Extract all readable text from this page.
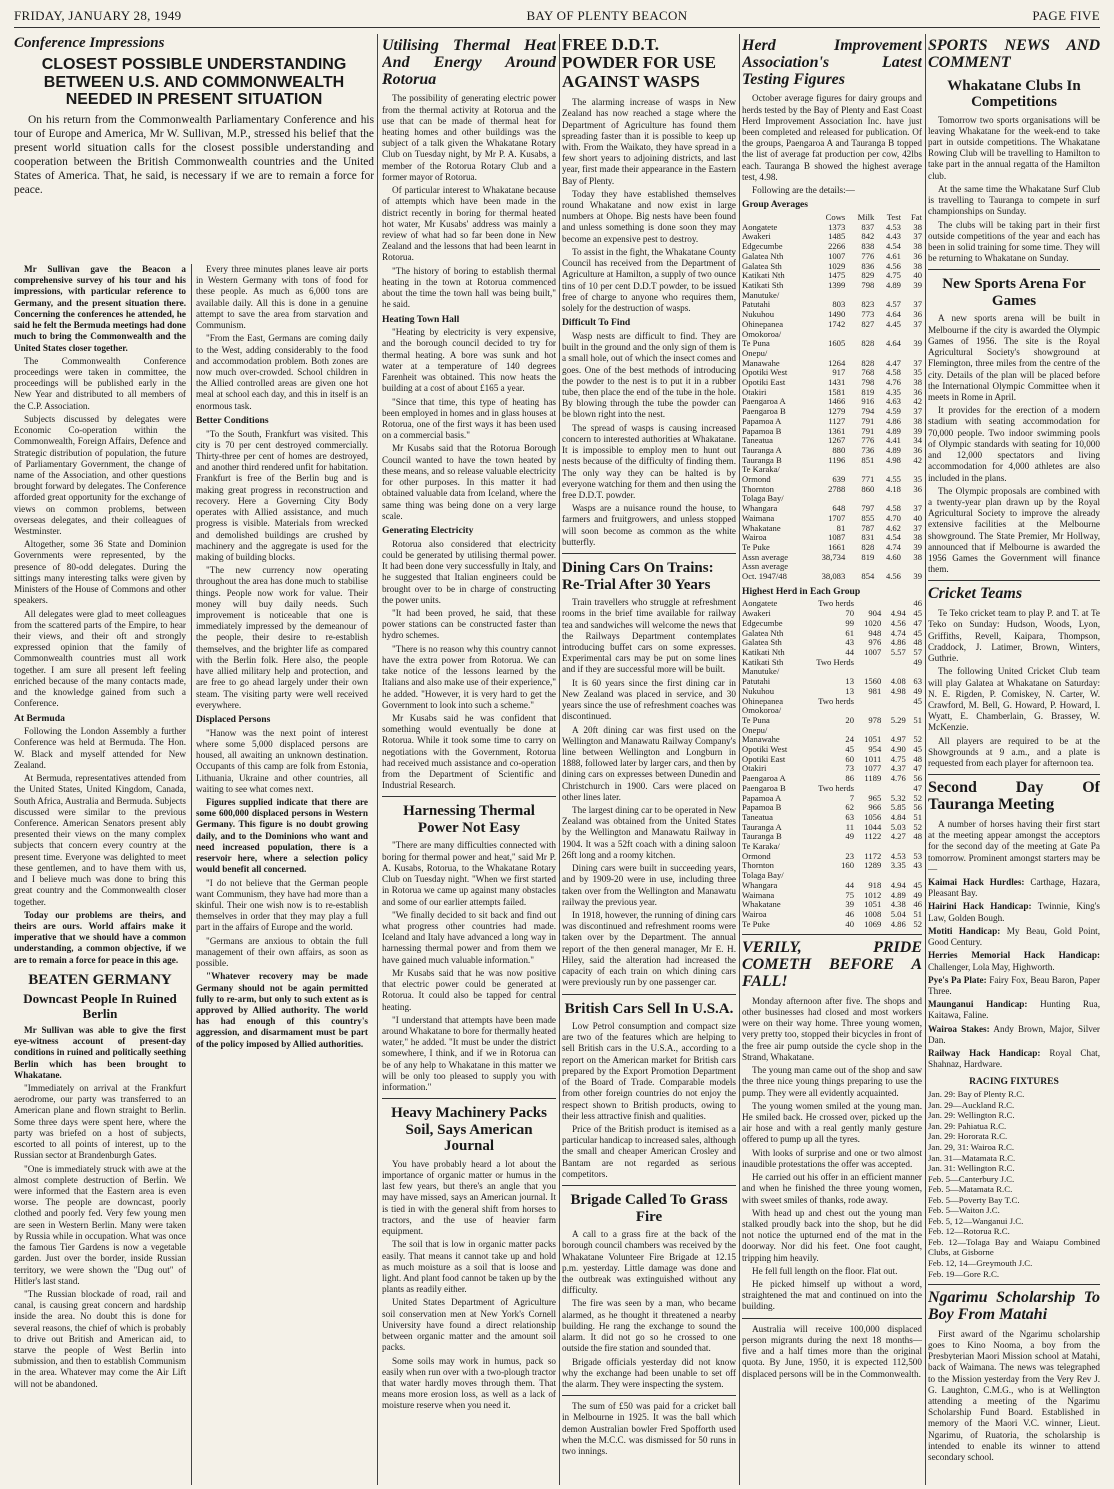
FRIDAY, JANUARY 28, 1949	BAY OF PLENTY BEACON	PAGE FIVE
Conference Impressions
CLOSEST POSSIBLE UNDERSTANDING BETWEEN U.S. AND COMMONWEALTH NEEDED IN PRESENT SITUATION
On his return from the Commonwealth Parliamentary Conference and his tour of Europe and America, Mr W. Sullivan, M.P., stressed his belief that the present world situation calls for the closest possible understanding and cooperation between the British Commonwealth countries and the United States of America. That, he said, is necessary if we are to remain a force for peace.
Mr Sullivan gave the Beacon a comprehensive survey of his tour and his impressions, with particular reference to Germany, and the present situation there. Concerning the conferences he attended, he said he felt the Bermuda meetings had done much to bring the Commonwealth and the United States closer together.
The Commonwealth Conference proceedings were taken in committee, the proceedings will be published early in the New Year and distributed to all members of the C.P. Association.
Subjects discussed by delegates were Economic Co-operation within the Commonwealth, Foreign Affairs, Defence and Strategic distribution of population, the future of Parliamentary Government, the change of name of the Association, and other questions brought forward by delegates. The Conference afforded great opportunity for the exchange of views on common problems, between overseas delegates, and their colleagues of Westminster.
Altogether, some 36 State and Dominion Governments were represented, by the presence of 80-odd delegates. During the sittings many interesting talks were given by Ministers of the House of Commons and other speakers.
All delegates were glad to meet colleagues from the scattered parts of the Empire, to hear their views, and their oft and strongly expressed opinion that the family of Commonwealth countries must all work together. I am sure all present left feeling enriched because of the many contacts made, and the knowledge gained from such a Conference.
At Bermuda
Following the London Assembly a further Conference was held at Bermuda. The Hon. W. Black and myself attended for New Zealand.
At Bermuda, representatives attended from the United States, United Kingdom, Canada, South Africa, Australia and Bermuda. Subjects discussed were similar to the previous Conference. American Senators present ably presented their views on the many complex subjects that concern every country at the present time. Everyone was delighted to meet these gentlemen, and to have them with us, and I believe much was done to bring this great country and the Commonwealth closer together.
Today our problems are theirs, and theirs are ours. World affairs make it imperative that we should have a common understanding, a common objective, if we are to remain a force for peace in this age.
BEATEN GERMANY
Downcast People In Ruined Berlin
Mr Sullivan was able to give the first eye-witness account of present-day conditions in ruined and politically seething Berlin which has been brought to Whakatane.
"Immediately on arrival at the Frankfurt aerodrome, our party was transferred to an American plane and flown straight to Berlin. Some three days were spent here, where the party was briefed on a host of subjects, escorted to all points of interest, up to the Russian sector at Brandenburgh Gates.
"One is immediately struck with awe at the almost complete destruction of Berlin. We were informed that the Eastern area is even worse. The people are downcast, poorly clothed and poorly fed. Very few young men are seen in Western Berlin. Many were taken by Russia while in occupation. What was once the famous Tier Gardens is now a vegetable garden. Just over the border, inside Russian territory, we were shown the "Dug out" of Hitler's last stand.
"The Russian blockade of road, rail and canal, is causing great concern and hardship inside the area. No doubt this is done for several reasons, the chief of which is probably to drive out British and American aid, to starve the people of West Berlin into submission, and then to establish Communism in the area. Whatever may come the Air Lift will not be abandoned.
Every three minutes planes leave air ports in Western Germany with tons of food for these people. As much as 6,000 tons are available daily. All this is done in a genuine attempt to save the area from starvation and Communism.
"From the East, Germans are coming daily to the West, adding considerably to the food and accommodation problem. Both zones are now much over-crowded. School children in the Allied controlled areas are given one hot meal at school each day, and this in itself is an enormous task.
Better Conditions
"To the South, Frankfurt was visited. This city is 70 per cent destroyed commercially. Thirty-three per cent of homes are destroyed, and another third rendered unfit for habitation. Frankfurt is free of the Berlin bug and is making great progress in reconstruction and recovery. Here a Governing City Body operates with Allied assistance, and much progress is visible. Materials from wrecked and demolished buildings are crushed by machinery and the aggregate is used for the making of building blocks.
"The new currency now operating throughout the area has done much to stabilise things. People now work for value. Their money will buy daily needs. Such improvement is noticeable that one is immediately impressed by the demeanour of the people, their desire to re-establish themselves, and the brighter life as compared with the Berlin folk. Here also, the people have allied military help and protection, and are free to go ahead largely under their own steam. The visiting party were well received everywhere.
Displaced Persons
"Hanow was the next point of interest where some 5,000 displaced persons are housed, all awaiting an unknown destination. Occupants of this camp are folk from Estonia, Lithuania, Ukraine and other countries, all waiting to see what comes next.
Figures supplied indicate that there are some 600,000 displaced persons in Western Germany. This figure is no doubt growing daily, and to the Dominions who want and need increased population, there is a reservoir here, where a selection policy would benefit all concerned.
"I do not believe that the German people want Communism, they have had more than a skinful. Their one wish now is to re-establish themselves in order that they may play a full part in the affairs of Europe and the world.
"Germans are anxious to obtain the full management of their own affairs, as soon as possible.
"Whatever recovery may be made Germany should not be again permitted fully to re-arm, but only to such extent as is approved by Allied authority. The world has had enough of this country's aggression, and disarmament must be part of the policy imposed by Allied authorities.
Utilising Thermal Heat And Energy Around Rotorua
The possibility of generating electric power from the thermal activity at Rotorua and the use that can be made of thermal heat for heating homes and other buildings was the subject of a talk given the Whakatane Rotary Club on Tuesday night, by Mr P. A. Kusabs, a member of the Rotorua Rotary Club and a former mayor of Rotorua.
Of particular interest to Whakatane because of attempts which have been made in the district recently in boring for thermal heated hot water, Mr Kusabs' address was mainly a review of what had so far been done in New Zealand and the lessons that had been learnt in Rotorua.
"The history of boring to establish thermal heating in the town at Rotorua commenced about the time the town hall was being built," he said.
Heating Town Hall
"Heating by electricity is very expensive, and the borough council decided to try for thermal heating. A bore was sunk and hot water at a temperature of 140 degrees Farenheit was obtained. This now heats the building at a cost of about £165 a year.
"Since that time, this type of heating has been employed in homes and in glass houses at Rotorua, one of the first ways it has been used on a commercial basis."
Mr Kusabs said that the Rotorua Borough Council wanted to have the town heated by these means, and so release valuable electricity for other purposes. In this matter it had obtained valuable data from Iceland, where the same thing was being done on a very large scale.
Generating Electricity
Rotorua also considered that electricity could be generated by utilising thermal power. It had been done very successfully in Italy, and he suggested that Italian engineers could be brought over to be in charge of constructing the power units.
"It had been proved, he said, that these power stations can be constructed faster than hydro schemes.
"There is no reason why this country cannot have the extra power from Rotorua. We can take notice of the lessons learned by the Italians and also make use of their experience," he added. "However, it is very hard to get the Government to look into such a scheme."
Mr Kusabs said he was confident that something would eventually be done at Rotorua. While it took some time to carry on negotiations with the Government, Rotorua had received much assistance and co-operation from the Department of Scientific and Industrial Research.
Harnessing Thermal Power Not Easy
"There are many difficulties connected with boring for thermal power and heat," said Mr P. A. Kusabs, Rotorua, to the Whakatane Rotary Club on Tuesday night. "When we first started in Rotorua we came up against many obstacles and some of our earlier attempts failed.
"We finally decided to sit back and find out what progress other countries had made. Iceland and Italy have advanced a long way in harnessing thermal power and from them we have gained much valuable information."
Mr Kusabs said that he was now positive that electric power could be generated at Rotorua. It could also be tapped for central heating.
"I understand that attempts have been made around Whakatane to bore for thermally heated water," he added. "It must be under the district somewhere, I think, and if we in Rotorua can be of any help to Whakatane in this matter we will be only too pleased to supply you with information."
Heavy Machinery Packs Soil, Says American Journal
You have probably heard a lot about the importance of organic matter or humus in the last few years, but there's an angle that you may have missed, says an American journal. It is tied in with the general shift from horses to tractors, and the use of heavier farm equipment.
The soil that is low in organic matter packs easily. That means it cannot take up and hold as much moisture as a soil that is loose and light. And plant food cannot be taken up by the plants as readily either.
United States Department of Agriculture soil conservation men at New York's Cornell University have found a direct relationship between organic matter and the amount soil packs.
Some soils may work in humus, pack so easily when run over with a two-plough tractor that water hardly moves through them. That means more erosion loss, as well as a lack of moisture reserve when you need it.
FREE D.D.T. POWDER FOR USE AGAINST WASPS
The alarming increase of wasps in New Zealand has now reached a stage where the Department of Agriculture has found them spreading faster than it is possible to keep up with. From the Waikato, they have spread in a few short years to adjoining districts, and last year, first made their appearance in the Eastern Bay of Plenty.
Today they have established themselves round Whakatane and now exist in large numbers at Ohope. Big nests have been found and unless something is done soon they may become an expensive pest to destroy.
To assist in the fight, the Whakatane County Council has received from the Department of Agriculture at Hamilton, a supply of two ounce tins of 10 per cent D.D.T powder, to be issued free of charge to anyone who requires them, solely for the destruction of wasps.
Difficult To Find
Wasp nests are difficult to find. They are built in the ground and the only sign of them is a small hole, out of which the insect comes and goes. One of the best methods of introducing the powder to the nest is to put it in a rubber tube, then place the end of the tube in the hole. By blowing through the tube the powder can be blown right into the nest.
The spread of wasps is causing increased concern to interested authorities at Whakatane. It is impossible to employ men to hunt out nests because of the difficulty of finding them. The only way they can be halted is by everyone watching for them and then using the free D.D.T. powder.
Wasps are a nuisance round the house, to farmers and fruitgrowers, and unless stopped will soon become as common as the white butterfly.
Dining Cars On Trains: Re-Trial After 30 Years
Train travellers who struggle at refreshment rooms in the brief time available for railway tea and sandwiches will welcome the news that the Railways Department contemplates introducing buffet cars on some expresses. Experimental cars may be put on some lines and if they are successful more will be built.
It is 60 years since the first dining car in New Zealand was placed in service, and 30 years since the use of refreshment coaches was discontinued.
A 20ft dining car was first used on the Wellington and Manawatu Railway Company's line between Wellington and Longburn in 1888, followed later by larger cars, and then by dining cars on expresses between Dunedin and Christchurch in 1900. Cars were placed on other lines later.
The largest dining car to be operated in New Zealand was obtained from the United States by the Wellington and Manawatu Railway in 1904. It was a 52ft coach with a dining saloon 26ft long and a roomy kitchen.
Dining cars were built in succeeding years, and by 1909-20 were in use, including three taken over from the Wellington and Manawatu railway the previous year.
In 1918, however, the running of dining cars was discontinued and refreshment rooms were taken over by the Department. The annual report of the then general manager, Mr E. H. Hiley, said the alteration had increased the capacity of each train on which dining cars were previously run by one passenger car.
British Cars Sell In U.S.A.
Low Petrol consumption and compact size are two of the features which are helping to sell British cars in the U.S.A., according to a report on the American market for British cars prepared by the Export Promotion Department of the Board of Trade. Comparable models from other foreign countries do not enjoy the respect shown to British products, owing to their less attractive finish and qualities.
Price of the British product is itemised as a particular handicap to increased sales, although the small and cheaper American Crosley and Bantam are not regarded as serious competitors.
Brigade Called To Grass Fire
A call to a grass fire at the back of the borough council chambers was received by the Whakatane Volunteer Fire Brigade at 12.15 p.m. yesterday. Little damage was done and the outbreak was extinguished without any difficulty.
The fire was seen by a man, who became alarmed, as he thought it threatened a nearby building. He rang the exchange to sound the alarm. It did not go so he crossed to one outside the fire station and sounded that.
Brigade officials yesterday did not know why the exchange had been unable to set off the alarm. They were inspecting the system.
The sum of £50 was paid for a cricket ball in Melbourne in 1925. It was the ball which demon Australian bowler Fred Spofforth used when the M.C.C. was dismissed for 50 runs in two innings.
Herd Improvement Association's Latest Testing Figures
October average figures for dairy groups and herds tested by the Bay of Plenty and East Coast Herd Improvement Association Inc. have just been completed and released for publication. Of the groups, Paengaroa A and Tauranga B topped the list of average fat production per cow, 42lbs each. Tauranga B showed the highest average test, 4.98.
Following are the details:—
Group Averages
	Cows	Milk	Test	Fat
Aongatete	1373	837	4.53	38
Awakeri	1485	842	4.43	37
Edgecumbe	2266	838	4.54	38
Galatea Nth	1007	776	4.61	36
Galatea Sth	1029	836	4.56	38
Katikati Nth	1475	829	4.75	40
Katikati Sth	1399	798	4.89	39
Manutuke/				
Patutahi	803	823	4.57	37
Nukuhou	1490	773	4.64	36
Ohinepanea	1742	827	4.45	37
Omokoroa/				
Te Puna	1605	828	4.64	39
Onepu/				
Manawahe	1264	828	4.47	37
Opotiki West	917	768	4.58	35
Opotiki East	1431	798	4.76	38
Otakiri	1581	819	4.35	36
Paengaroa A	1466	916	4.63	42
Paengaroa B	1279	794	4.59	37
Papamoa A	1127	791	4.86	38
Papamoa B	1361	791	4.89	39
Taneatua	1267	776	4.41	34
Tauranga A	880	736	4.89	36
Tauranga B	1196	851	4.98	42
Te Karaka/				
Ormond	639	771	4.55	35
Thornton	2788	860	4.18	36
Tolaga Bay/				
Whangara	648	797	4.58	37
Waimana	1707	855	4.70	40
Whakatane	81	787	4.62	37
Wairoa	1087	831	4.54	38
Te Puke	1661	828	4.74	39
Assn average	38,734	819	4.60	38
Assn average				
Oct. 1947/48	38,083	854	4.56	39
Highest Herd in Each Group
Aongatete	Two herds			46
Awakeri	70	904	4.94	45
Edgecumbe	99	1020	4.56	47
Galatea Nth	61	948	4.74	45
Galatea Sth	43	976	4.86	48
Katikati Nth	44	1007	5.57	57
Katikati Sth	Two Herds			49
Manutuke/				
Patutahi	13	1560	4.08	63
Nukuhou	13	981	4.98	49
Ohinepanea	Two herds			45
Omokoroa/				
Te Puna	20	978	5.29	51
Onepu/				
Manawahe	24	1051	4.97	52
Opotiki West	45	954	4.90	45
Opotiki East	60	1011	4.75	48
Otakiri	73	1077	4.37	47
Paengaroa A	86	1189	4.76	56
Paengaroa B	Two herds			47
Papamoa A	7	965	5.32	52
Papamoa B	62	966	5.85	56
Taneatua	63	1056	4.84	51
Tauranga A	11	1044	5.03	52
Tauranga B	49	1122	4.27	48
Te Karaka/				
Ormond	23	1172	4.53	53
Thornton	160	1289	3.35	43
Tolaga Bay/				
Whangara	44	918	4.94	45
Waimana	75	1012	4.89	49
Whakatane	39	1051	4.38	46
Wairoa	46	1008	5.04	51
Te Puke	40	1069	4.86	52
VERILY, PRIDE COMETH BEFORE A FALL!
Monday afternoon after five. The shops and other businesses had closed and most workers were on their way home. Three young women, very pretty too, stopped their bicycles in front of the free air pump outside the cycle shop in the Strand, Whakatane.
The young man came out of the shop and saw the three nice young things preparing to use the pump. They were all evidently acquainted.
The young women smiled at the young man. He smiled back. He crossed over, picked up the air hose and with a real gently manly gesture offered to pump up all the tyres.
With looks of surprise and one or two almost inaudible protestations the offer was accepted.
He carried out his offer in an efficient manner and when he finished the three young women, with sweet smiles of thanks, rode away.
With head up and chest out the young man stalked proudly back into the shop, but he did not notice the upturned end of the mat in the doorway. Nor did his feet. One foot caught, tripping him heavily.
He fell full length on the floor. Flat out.
He picked himself up without a word, straightened the mat and continued on into the building.
Australia will receive 100,000 displaced person migrants during the next 18 months—five and a half times more than the original quota. By June, 1950, it is expected 112,500 displaced persons will be in the Commonwealth.
SPORTS NEWS AND COMMENT
Whakatane Clubs In Competitions
Tomorrow two sports organisations will be leaving Whakatane for the week-end to take part in outside competitions. The Whakatane Rowing Club will be travelling to Hamilton to take part in the annual regatta of the Hamilton club.
At the same time the Whakatane Surf Club is travelling to Tauranga to compete in surf championships on Sunday.
The clubs will be taking part in their first outside competitions of the year and each has been in solid training for some time. They will be returning to Whakatane on Sunday.
New Sports Arena For Games
A new sports arena will be built in Melbourne if the city is awarded the Olympic Games of 1956. The site is the Royal Agricultural Society's showground at Flemington, three miles from the centre of the city. Details of the plan will be placed before the International Olympic Committee when it meets in Rome in April.
It provides for the erection of a modern stadium with seating accommodation for 70,000 people. Two indoor swimming pools of Olympic standards with seating for 10,000 and 12,000 spectators and living accommodation for 4,000 athletes are also included in the plans.
The Olympic proposals are combined with a twenty-year plan drawn up by the Royal Agricultural Society to improve the already extensive facilities at the Melbourne showground. The State Premier, Mr Hollway, announced that if Melbourne is awarded the 1956 Games the Government will finance them.
Cricket Teams
Te Teko cricket team to play P. and T. at Te Teko on Sunday: Hudson, Woods, Lyon, Griffiths, Revell, Kaipara, Thompson, Craddock, J. Latimer, Brown, Winters, Guthrie.
The following United Cricket Club team will play Galatea at Whakatane on Saturday: N. E. Rigden, P. Comiskey, N. Carter, W. Crawford, M. Bell, G. Howard, P. Howard, I. Wyatt, E. Chamberlain, G. Brassey, W. McKenzie.
All players are required to be at the Showgrounds at 9 a.m., and a plate is requested from each player for afternoon tea.
Second Day Of Tauranga Meeting
A number of horses having their first start at the meeting appear amongst the acceptors for the second day of the meeting at Gate Pa tomorrow. Prominent amongst starters may be—
Kaimai Hack Hurdles: Carthage, Hazara, Pleasant Bay.
Hairini Hack Handicap: Twinnie, King's Law, Golden Bough.
Motiti Handicap: My Beau, Gold Point, Good Century.
Herries Memorial Hack Handicap: Challenger, Lola May, Highworth.
Pye's Pa Plate: Fairy Fox, Beau Baron, Paper Three.
Maunganui Handicap: Hunting Rua, Kaitawa, Faline.
Wairoa Stakes: Andy Brown, Major, Silver Dan.
Railway Hack Handicap: Royal Chat, Shahnaz, Hardware.
RACING FIXTURES
Jan. 29: Bay of Plenty R.C.
Jan. 29—Auckland R.C.
Jan. 29: Wellington R.C.
Jan. 29: Pahiatua R.C.
Jan. 29: Hororata R.C.
Jan. 29, 31: Wairoa R.C.
Jan. 31—Matamata R.C.
Jan. 31: Wellington R.C.
Feb. 5—Canterbury J.C.
Feb. 5—Matamata R.C.
Feb. 5—Poverty Bay T.C.
Feb. 5—Waiton J.C.
Feb. 5, 12—Wanganui J.C.
Feb. 12—Rotorua R.C.
Feb. 12—Tolaga Bay and Waiapu Combined Clubs, at Gisborne
Feb. 12, 14—Greymouth J.C.
Feb. 19—Gore R.C.
Ngarimu Scholarship To Boy From Matahi
First award of the Ngarimu scholarship goes to Kino Nooma, a boy from the Presbyterian Maori Mission school at Matahi, back of Waimana. The news was telegraphed to the Mission yesterday from the Very Rev J. G. Laughton, C.M.G., who is at Wellington attending a meeting of the Ngarimu Scholarship Fund Board. Established in memory of the Maori V.C. winner, Lieut. Ngarimu, of Ruatoria, the scholarship is intended to enable its winner to attend secondary school.
